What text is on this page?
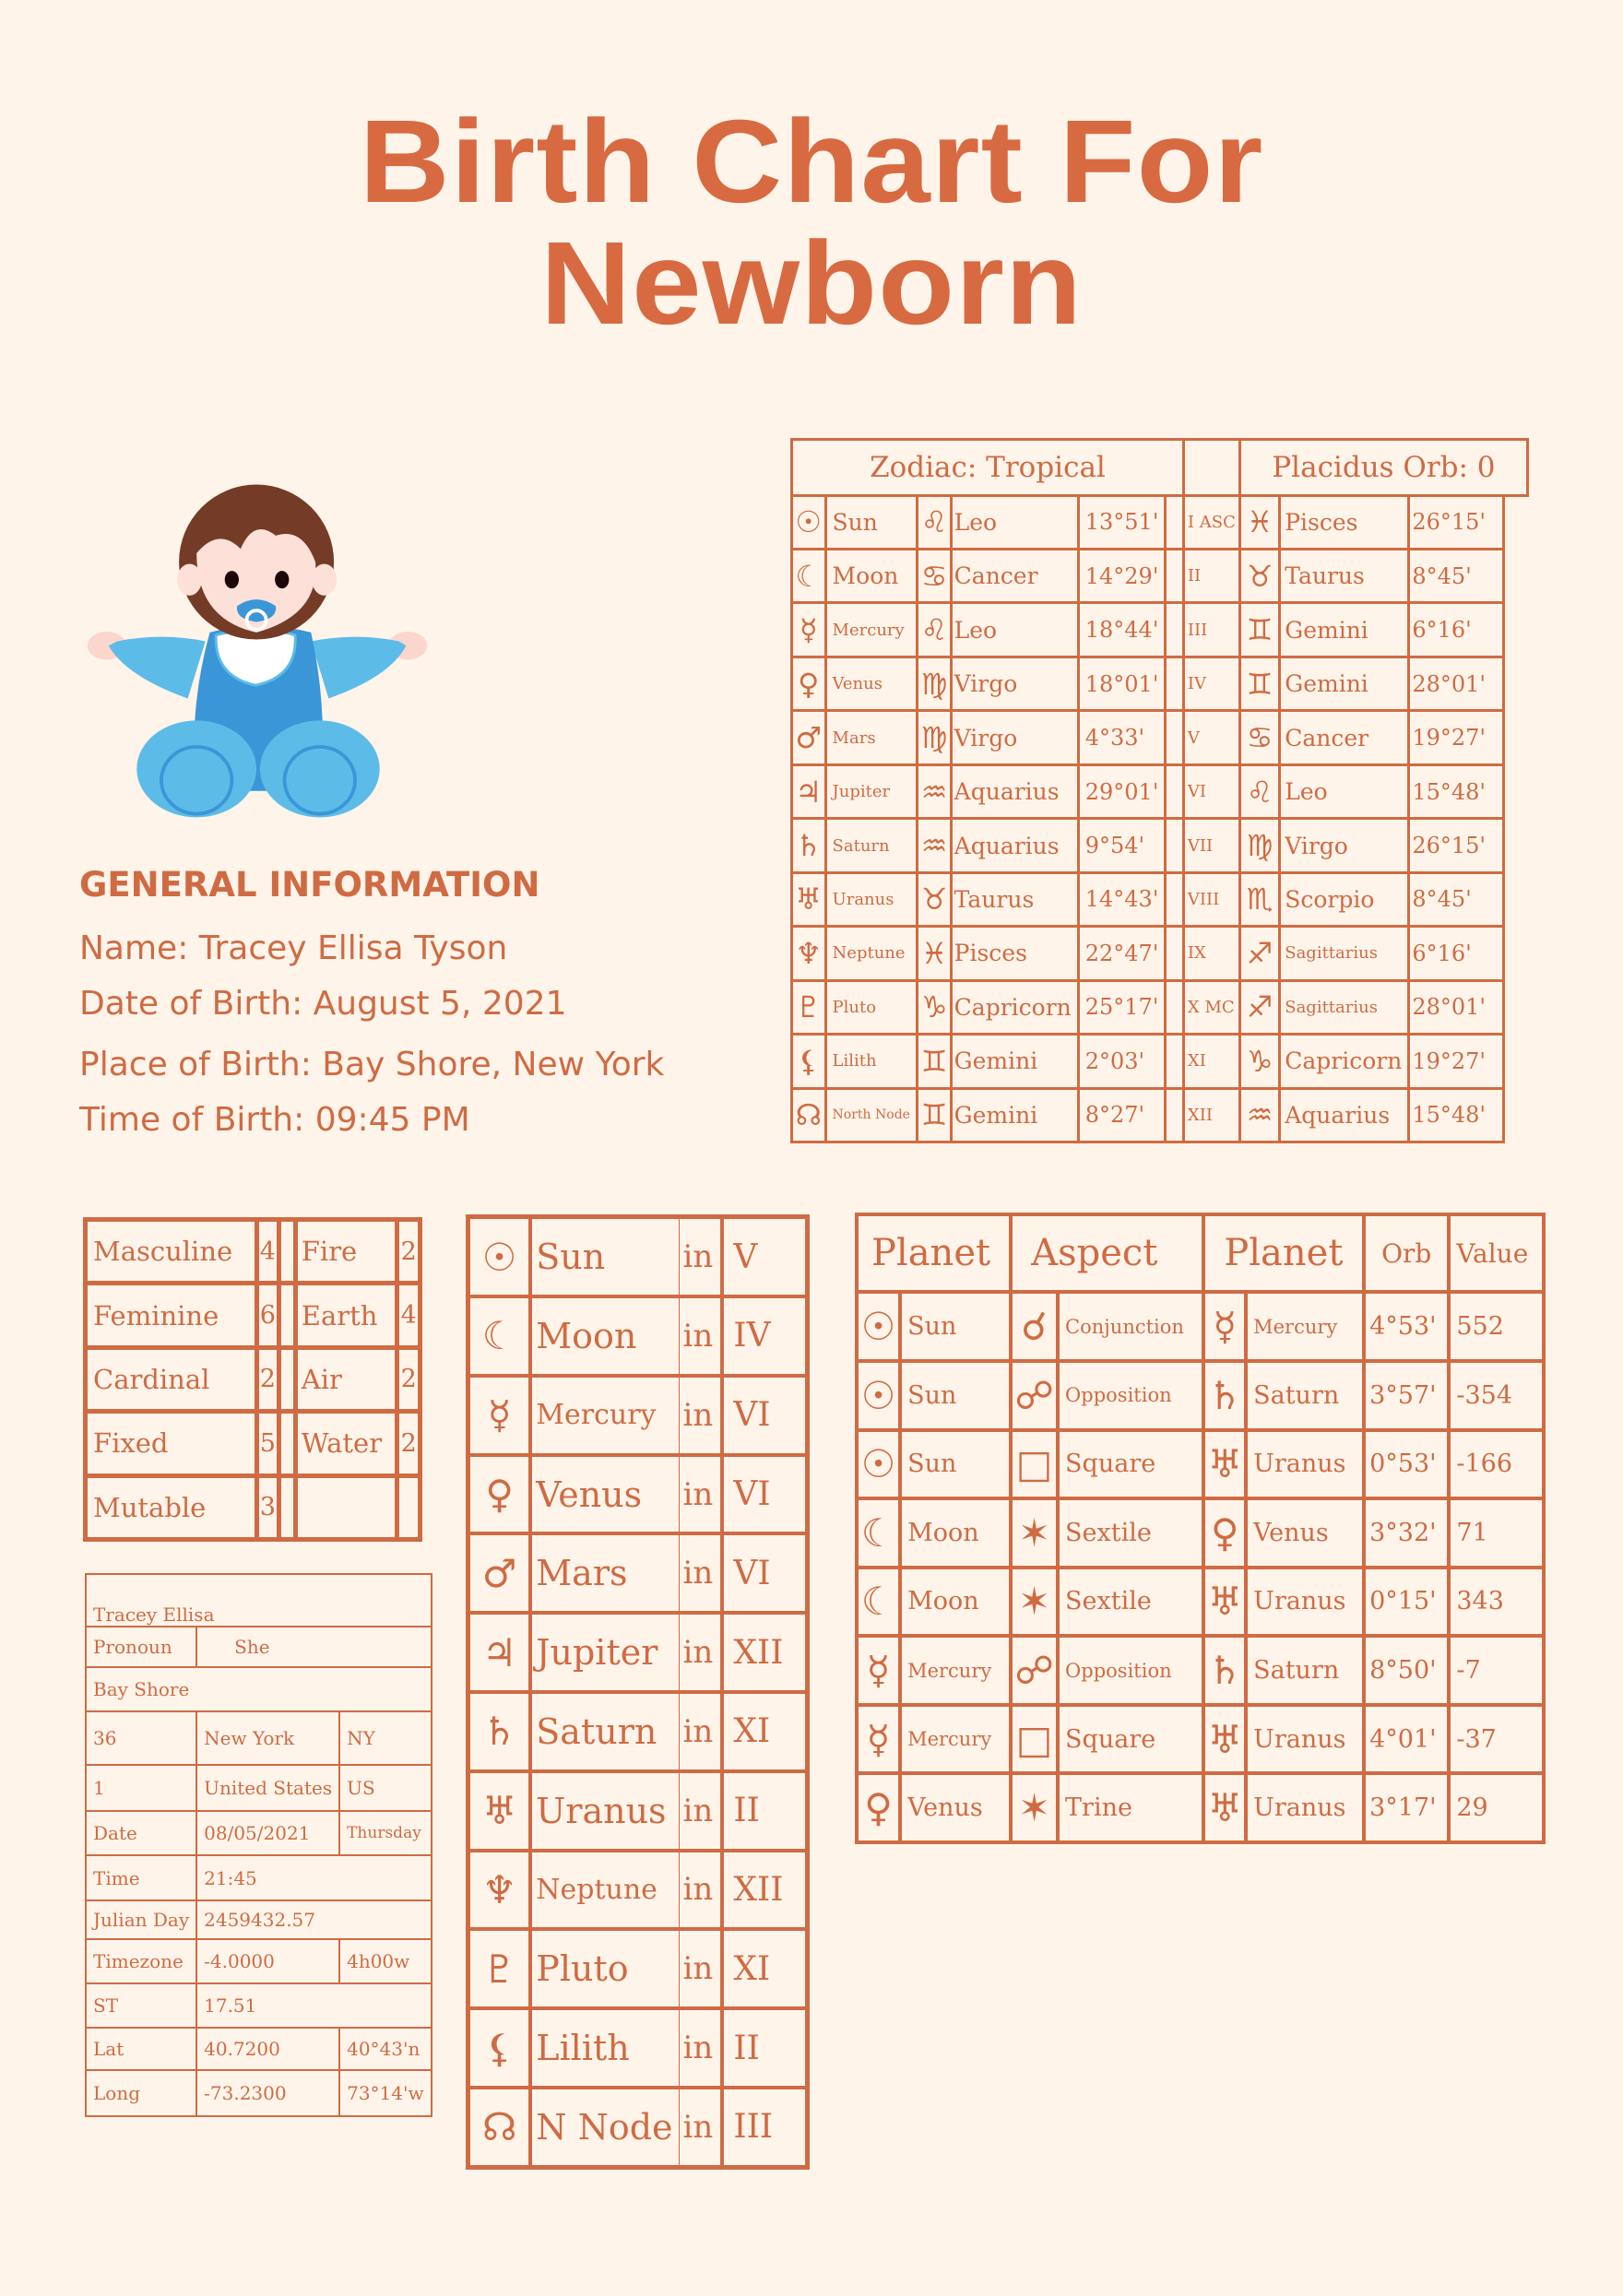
Birth Chart For
Newborn
GENERAL INFORMATION
Name: Tracey Ellisa Tyson
Date of Birth: August 5, 2021
Place of Birth: Bay Shore, New York
Time of Birth: 09:45 PM
Zodiac: Tropical							Placidus Orb: 0		
☉	Sun	♌	Leo	13°51'		I ASC	♓	Pisces	26°15'
☾	Moon	♋	Cancer	14°29'		II	♉	Taurus	8°45'
☿	Mercury	♌	Leo	18°44'		III	♊	Gemini	6°16'
♀	Venus	♍	Virgo	18°01'		IV	♊	Gemini	28°01'
♂	Mars	♍	Virgo	4°33'		V	♋	Cancer	19°27'
♃	Jupiter	♒	Aquarius	29°01'		VI	♌	Leo	15°48'
♄	Saturn	♒	Aquarius	9°54'		VII	♍	Virgo	26°15'
♅	Uranus	♉	Taurus	14°43'		VIII	♏	Scorpio	8°45'
♆	Neptune	♓	Pisces	22°47'		IX	♐	Sagittarius	6°16'
♇	Pluto	♑	Capricorn	25°17'		X MC	♐	Sagittarius	28°01'
⚸	Lilith	♊	Gemini	2°03'		XI	♑	Capricorn	19°27'
☊	North Node	♊	Gemini	8°27'		XII	♒	Aquarius	15°48'
Masculine	4		Fire	2
Feminine	6		Earth	4
Cardinal	2		Air	2
Fixed	5		Water	2
Mutable	3			
Tracey Ellisa		
Pronoun	She	
Bay Shore		
36	New York	NY
1	United States	US
Date	08/05/2021	Thursday
Time	21:45	
Julian Day	2459432.57	
Timezone	-4.0000	4h00w
ST	17.51	
Lat	40.7200	40°43'n
Long	-73.2300	73°14'w
☉	Sun	in	V
☾	Moon	in	IV
☿	Mercury	in	VI
♀	Venus	in	VI
♂	Mars	in	VI
♃	Jupiter	in	XII
♄	Saturn	in	XI
♅	Uranus	in	II
♆	Neptune	in	XII
♇	Pluto	in	XI
⚸	Lilith	in	II
☊	N Node	in	III
Planet		Aspect		Planet		Orb	Value
☉	Sun	☌	Conjunction	☿	Mercury	4°53'	552
☉	Sun	☍	Opposition	♄	Saturn	3°57'	-354
☉	Sun	□	Square	♅	Uranus	0°53'	-166
☾	Moon	✶	Sextile	♀	Venus	3°32'	71
☾	Moon	✶	Sextile	♅	Uranus	0°15'	343
☿	Mercury	☍	Opposition	♄	Saturn	8°50'	-7
☿	Mercury	□	Square	♅	Uranus	4°01'	-37
♀	Venus	✶	Trine	♅	Uranus	3°17'	29
